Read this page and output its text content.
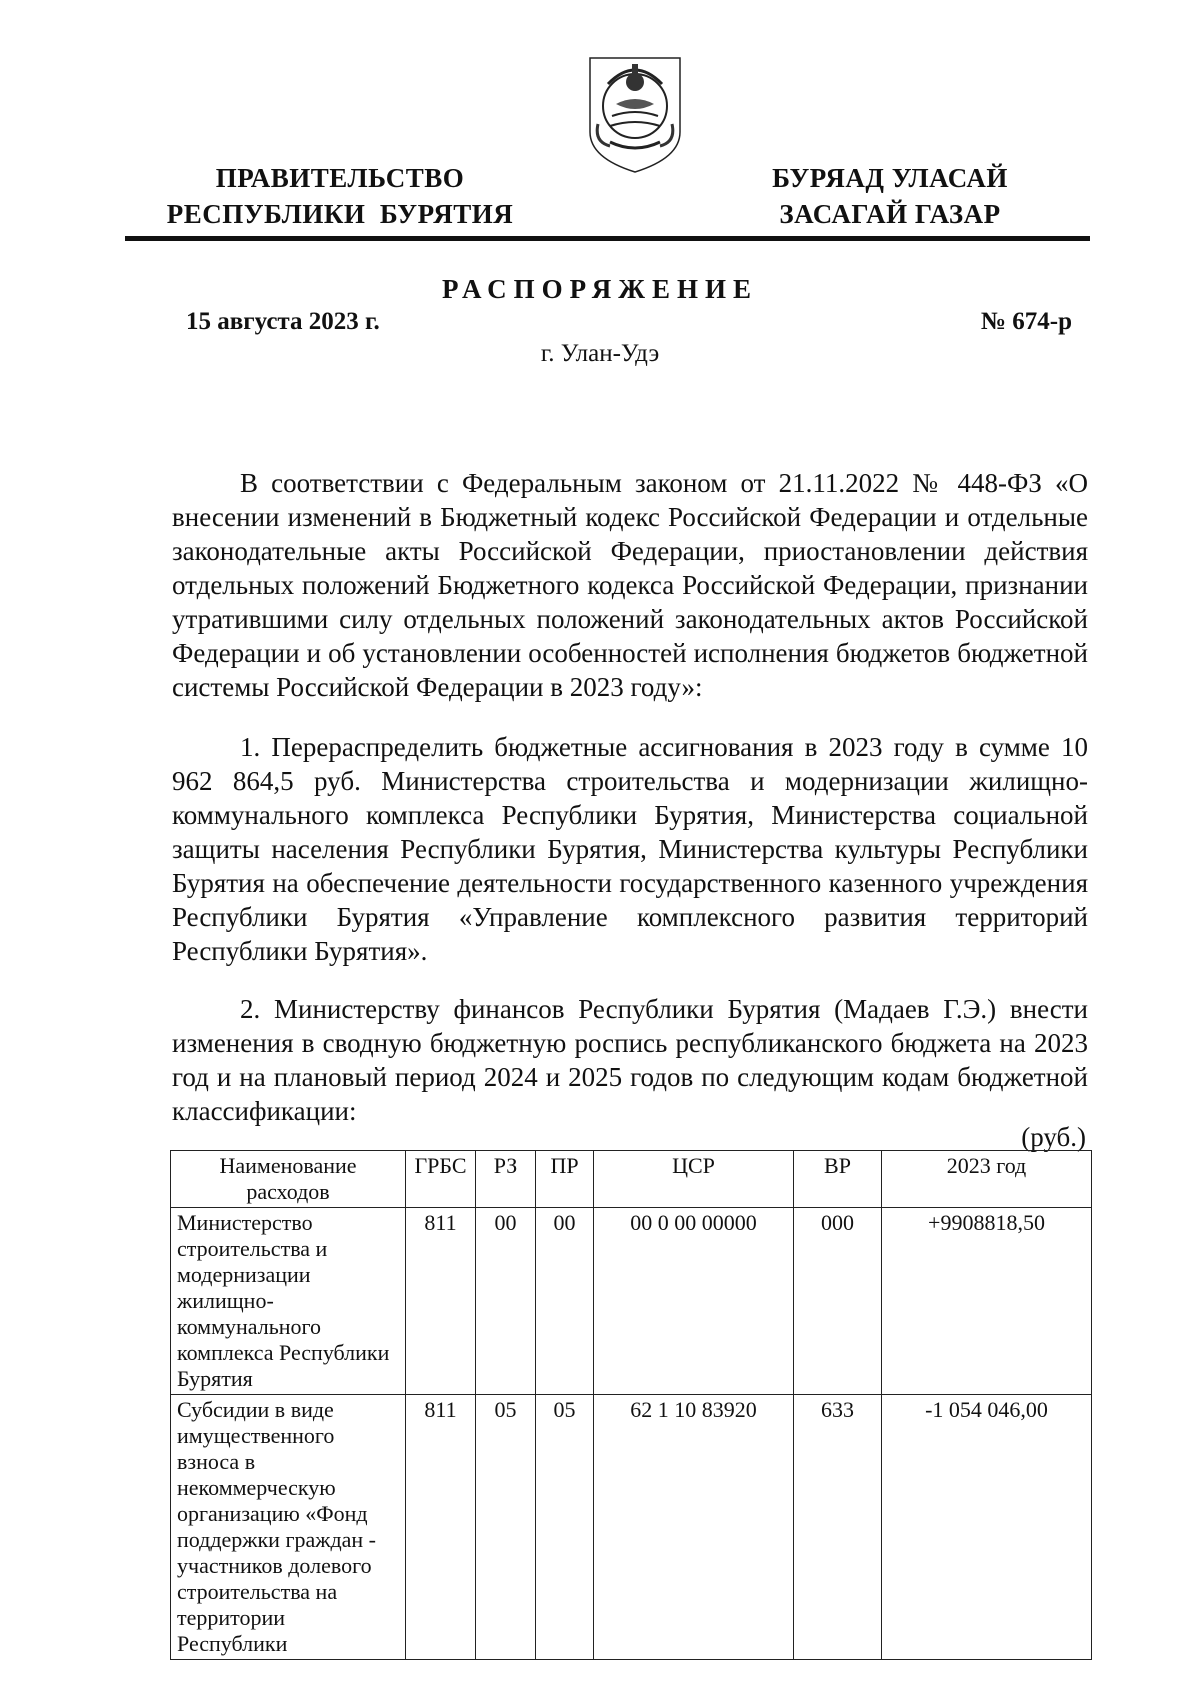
ПРАВИТЕЛЬСТВО
РЕСПУБЛИКИ  БУРЯТИЯ
БУРЯАД УЛАСАЙ
ЗАСАГАЙ ГАЗАР
РАСПОРЯЖЕНИЕ
15 августа 2023 г.	№ 674-р
г. Улан-Удэ

В соответствии с Федеральным законом от 21.11.2022 № 448-ФЗ «О внесении изменений в Бюджетный кодекс Российской Федерации и отдельные законодательные акты Российской Федерации, приостановлении действия отдельных положений Бюджетного кодекса Российской Федерации, признании утратившими силу отдельных положений законодательных актов Российской Федерации и об установлении особенностей исполнения бюджетов бюджетной системы Российской Федерации в 2023 году»:

1. Перераспределить бюджетные ассигнования в 2023 году в сумме 10 962 864,5 руб. Министерства строительства и модернизации жилищно-коммунального комплекса Республики Бурятия, Министерства социальной защиты населения Республики Бурятия, Министерства культуры Республики Бурятия на обеспечение деятельности государственного казенного учреждения Республики Бурятия «Управление комплексного развития территорий Республики Бурятия».

2. Министерству финансов Республики Бурятия (Мадаев Г.Э.) внести изменения в сводную бюджетную роспись республиканского бюджета на 2023 год и на плановый период 2024 и 2025 годов по следующим кодам бюджетной классификации:

(руб.)
Наименование расходов	ГРБС	РЗ	ПР	ЦСР	ВР	2023 год
Министерство строительства и модернизации жилищно-коммунального комплекса Республики Бурятия	811	00	00	00 0 00 00000	000	+9908818,50
Субсидии в виде имущественного взноса в некоммерческую организацию «Фонд поддержки граждан - участников долевого строительства на территории Республики	811	05	05	62 1 10 83920	633	-1 054 046,00
